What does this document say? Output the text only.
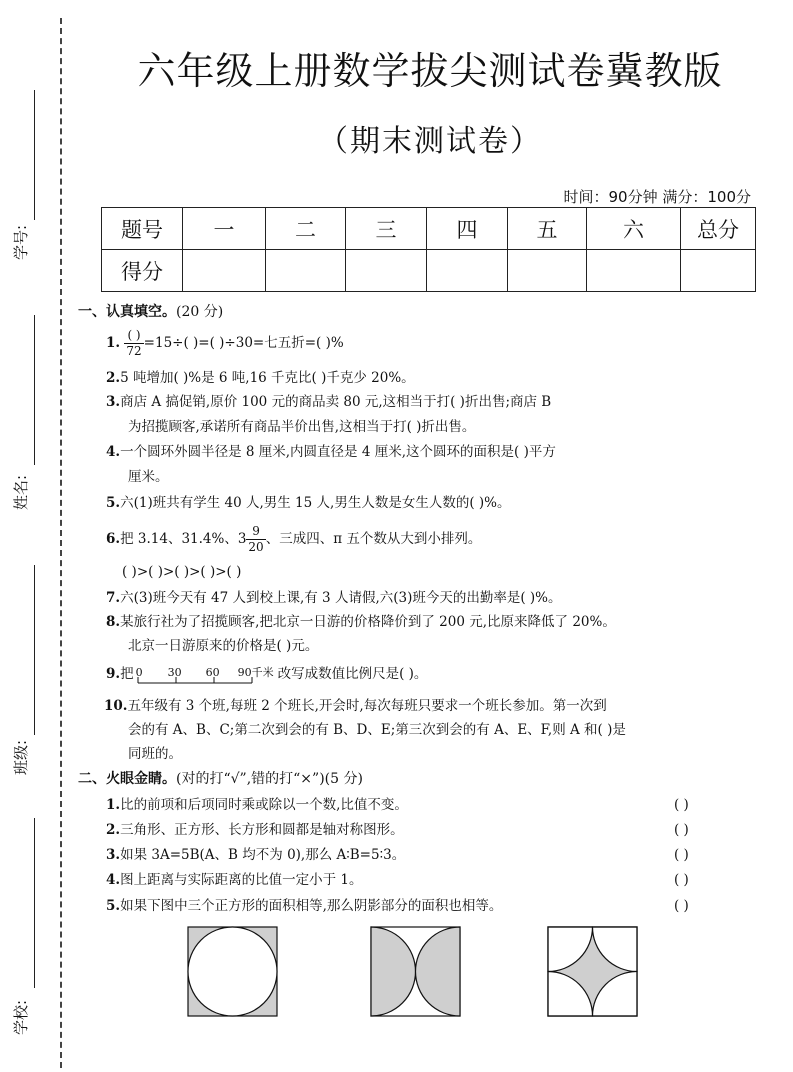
学号:
姓名:
班级:
学校:
六年级上册数学拔尖测试卷冀教版
（期末测试卷）
时间：90分钟 满分：100分
题号	一	二	三	四	五	六	总分
得分							
一、认真填空。(20 分)
1. $\frac{( )}{72} =15\div$( )=( )÷30=七五折=( )%
2.5 吨增加( )%是 6 吨,16 千克比( )千克少 20%。
3.商店 A 搞促销,原价 100 元的商品卖 80 元,这相当于打( )折出售;商店 B
为招揽顾客,承诺所有商品半价出售,这相当于打( )折出售。
4.一个圆环外圆半径是 8 厘米,内圆直径是 4 厘米,这个圆环的面积是( )平方
厘米。
5.六(1)班共有学生 40 人,男生 15 人,男生人数是女生人数的( )%。
6.把 3.14、31.4%、$3 \frac{9}{20}$ 、三成四、π 五个数从大到小排列。
( )>( )>( )>( )>( )
7.六(3)班今天有 47 人到校上课,有 3 人请假,六(3)班今天的出勤率是( )%。
8.某旅行社为了招揽顾客,把北京一日游的价格降价到了 200 元,比原来降低了 20%。
北京一日游原来的价格是( )元。
9.把 0 30 60 90千米 改写成数值比例尺是( )。
10.五年级有 3 个班,每班 2 个班长,开会时,每次每班只要求一个班长参加。第一次到
会的有 A、B、C;第二次到会的有 B、D、E;第三次到会的有 A、E、F,则 A 和( )是
同班的。
二、火眼金睛。(对的打“√”,错的打“×”)(5 分)
1.比的前项和后项同时乘或除以一个数,比值不变。	( )
2.三角形、正方形、长方形和圆都是轴对称图形。	( )
3.如果 3A=5B(A、B 均不为 0),那么 A∶B=5∶3。	( )
4.图上距离与实际距离的比值一定小于 1。	( )
5.如果下图中三个正方形的面积相等,那么阴影部分的面积也相等。	( )
